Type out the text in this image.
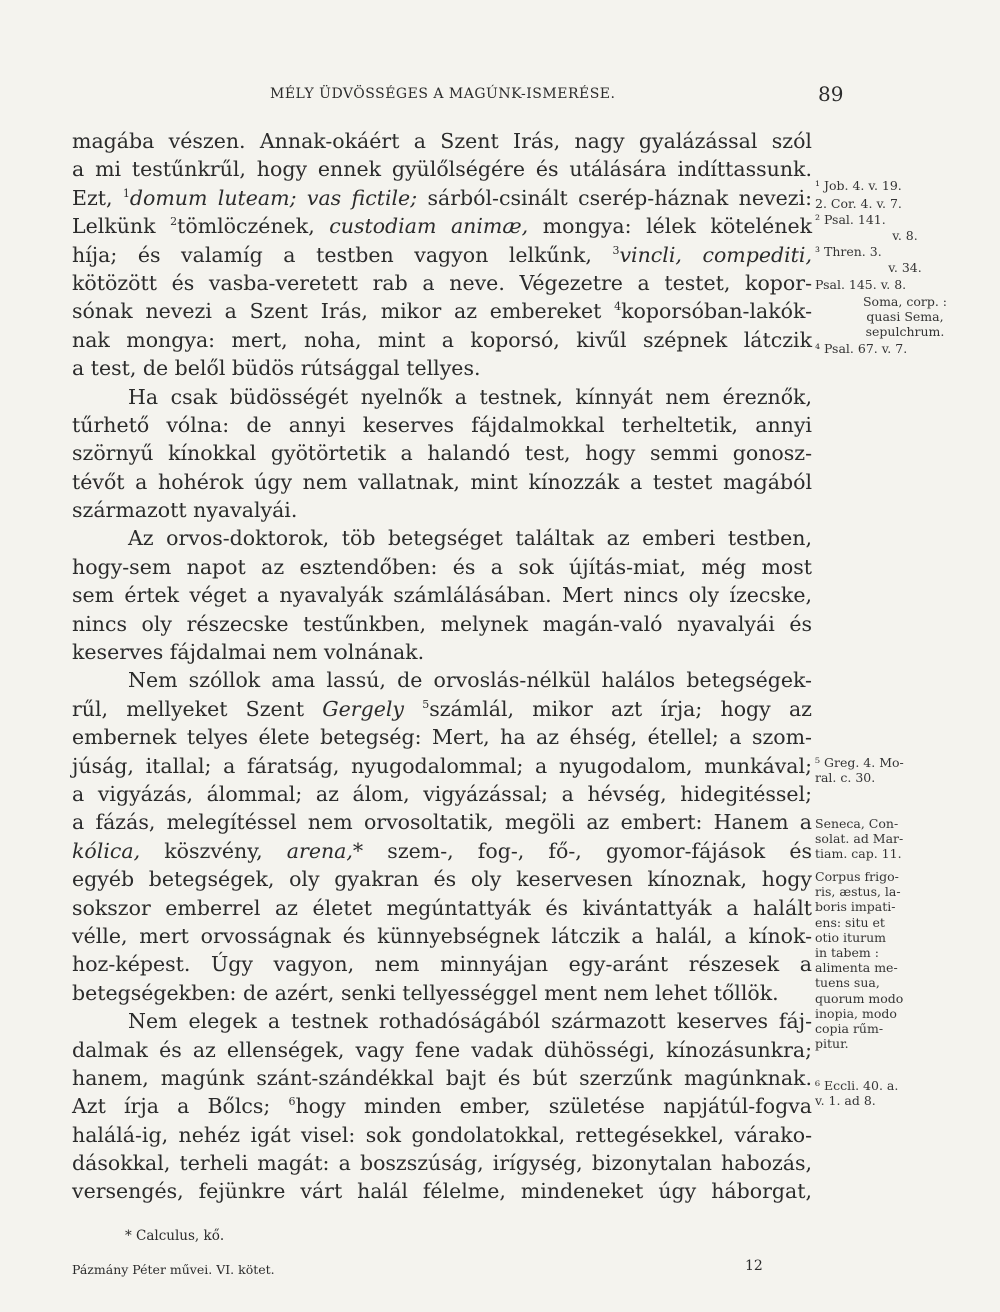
MÉLY ÜDVÖSSÉGES A MAGÚNK-ISMERÉSE.	89
magába vészen. Annak-okáért a Szent Irás, nagy gyalázással szól
a mi testűnkrűl, hogy ennek gyülőlségére és utálására indíttassunk.
Ezt, $^1$domum luteam; vas fictile; sárból-csinált cserép-háznak nevezi:
Lelkünk $^2$tömlöczének, custodiam animæ, mongya: lélek kötelének
híja; és valamíg a testben vagyon lelkűnk, $^3$vincli, compediti,
kötözött és vasba-veretett rab a neve. Végezetre a testet, kopor-
sónak nevezi a Szent Irás, mikor az embereket $^4$koporsóban-lakók-
nak mongya: mert, noha, mint a koporsó, kivűl szépnek látczik
a test, de belől büdös rútsággal tellyes.
Ha csak büdösségét nyelnők a testnek, kínnyát nem éreznők,
tűrhető vólna: de annyi keserves fájdalmokkal terheltetik, annyi
szörnyű kínokkal gyötörtetik a halandó test, hogy semmi gonosz-
tévőt a hohérok úgy nem vallatnak, mint kínozzák a testet magából
származott nyavalyái.
Az orvos-doktorok, töb betegséget találtak az emberi testben,
hogy-sem napot az esztendőben: és a sok újítás-miat, még most
sem értek véget a nyavalyák számlálásában. Mert nincs oly ízecske,
nincs oly részecske testűnkben, melynek magán-való nyavalyái és
keserves fájdalmai nem volnának.
Nem szóllok ama lassú, de orvoslás-nélkül halálos betegségek-
rűl, mellyeket Szent Gergely $^5$számlál, mikor azt írja; hogy az
embernek telyes élete betegség: Mert, ha az éhség, étellel; a szom-
júság, itallal; a fáratság, nyugodalommal; a nyugodalom, munkával;
a vigyázás, álommal; az álom, vigyázással; a hévség, hidegitéssel;
a fázás, melegítéssel nem orvosoltatik, megöli az embert: Hanem a
kólica, köszvény, arena,* szem-, fog-, fő-, gyomor-fájások és
egyéb betegségek, oly gyakran és oly keservesen kínoznak, hogy
sokszor emberrel az életet megúntattyák és kivántattyák a halált
vélle, mert orvosságnak és künnyebségnek látczik a halál, a kínok-
hoz-képest. Úgy vagyon, nem minnyájan egy-aránt részesek a
betegségekben: de azért, senki tellyességgel ment nem lehet tőllök.
Nem elegek a testnek rothadóságából származott keserves fáj-
dalmak és az ellenségek, vagy fene vadak dühösségi, kínozásunkra;
hanem, magúnk szánt-szándékkal bajt és bút szerzűnk magúnknak.
Azt írja a Bőlcs; $^6$hogy minden ember, születése napjátúl-fogva
halálá-ig, nehéz igát visel: sok gondolatokkal, rettegésekkel, várako-
dásokkal, terheli magát: a boszszúság, irígység, bizonytalan habozás,
versengés, fejünkre várt halál félelme, mindeneket úgy háborgat,
¹ Job. 4. v. 19.
2. Cor. 4. v. 7.
² Psal. 141.
v. 8.
³ Thren. 3.
v. 34.
Psal. 145. v. 8.
Soma, corp. :
quasi Sema,
sepulchrum.
⁴ Psal. 67. v. 7.
⁵ Greg. 4. Mo-
ral. c. 30.
Seneca, Con-
solat. ad Mar-
tiam. cap. 11.
Corpus frigo-
ris, æstus, la-
boris impati-
ens: situ et
otio iturum
in tabem :
alimenta me-
tuens sua,
quorum modo
inopia, modo
copia rűm-
pitur.
⁶ Eccli. 40. a.
v. 1. ad 8.
* Calculus, kő.
Pázmány Péter művei. VI. kötet.	12
